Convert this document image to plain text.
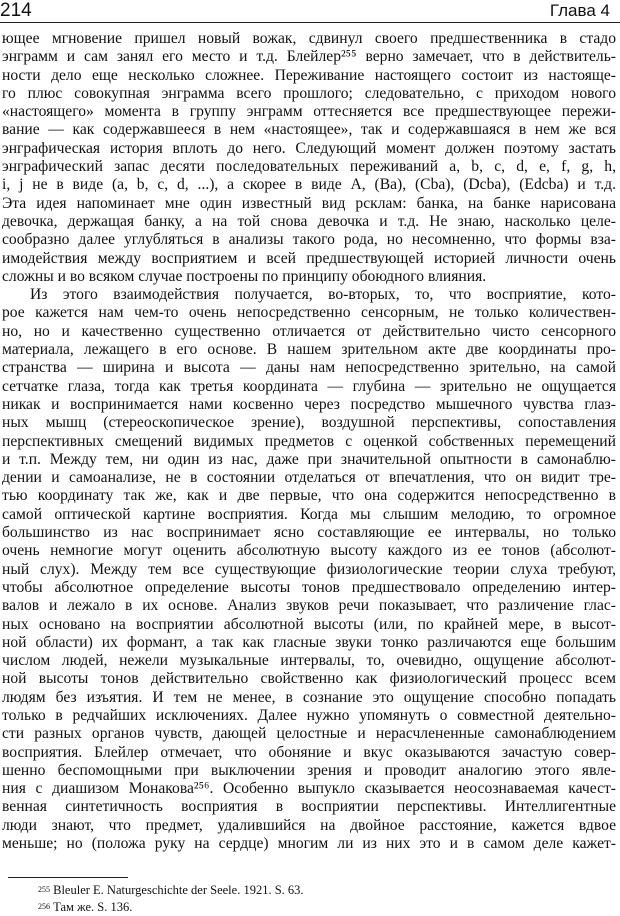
214	Глава 4
ющее мгновение пришел новый вожак, сдвинул своего предшественника в стадо
энграмм и сам занял его место и т.д. Блейлер²⁵⁵ верно замечает, что в действитель-
ности дело еще несколько сложнее. Переживание настоящего состоит из настояще-
го плюс совокупная энграмма всего прошлого; следовательно, с приходом нового
«настоящего» момента в группу энграмм оттесняется все предшествующее пережи-
вание — как содержавшееся в нем «настоящее», так и содержавшаяся в нем же вся
энграфическая история вплоть до него. Следующий момент должен поэтому застать
энграфический запас десяти последовательных переживаний a, b, c, d, e, f, g, h,
i, j не в виде (a, b, c, d, ...), а скорее в виде A, (Ba), (Cba), (Dcba), (Edcba) и т.д.
Эта идея напоминает мне один известный вид рсклам: банка, на банке нарисована
девочка, держащая банку, а на той снова девочка и т.д. Не знаю, насколько целе-
сообразно далее углубляться в анализы такого рода, но несомненно, что формы вза-
имодействия между восприятием и всей предшествующей историей личности очень
сложны и во всяком случае построены по принципу обоюдного влияния.
Из этого взаимодействия получается, во-вторых, то, что восприятие, кото-
рое кажется нам чем-то очень непосредственно сенсорным, не только количествен-
но, но и качественно существенно отличается от действительно чисто сенсорного
материала, лежащего в его основе. В нашем зрительном акте две координаты про-
странства — ширина и высота — даны нам непосредственно зрительно, на самой
сетчатке глаза, тогда как третья координата — глубина — зрительно не ощущается
никак и воспринимается нами косвенно через посредство мышечного чувства глаз-
ных мышц (стереоскопическое зрение), воздушной перспективы, сопоставления
перспективных смещений видимых предметов с оценкой собственных перемещений
и т.п. Между тем, ни один из нас, даже при значительной опытности в самонаблю-
дении и самоанализе, не в состоянии отделаться от впечатления, что он видит тре-
тью координату так же, как и две первые, что она содержится непосредственно в
самой оптической картине восприятия. Когда мы слышим мелодию, то огромное
большинство из нас воспринимает ясно составляющие ее интервалы, но только
очень немногие могут оценить абсолютную высоту каждого из ее тонов (абсолют-
ный слух). Между тем все существующие физиологические теории слуха требуют,
чтобы абсолютное определение высоты тонов предшествовало определению интер-
валов и лежало в их основе. Анализ звуков речи показывает, что различение глас-
ных основано на восприятии абсолютной высоты (или, по крайней мере, в высот-
ной области) их формант, а так как гласные звуки тонко различаются еще большим
числом людей, нежели музыкальные интервалы, то, очевидно, ощущение абсолют-
ной высоты тонов действительно свойственно как физиологический процесс всем
людям без изъятия. И тем не менее, в сознание это ощущение способно попадать
только в редчайших исключениях. Далее нужно упомянуть о совместной деятельно-
сти разных органов чувств, дающей целостные и нерасчлененные самонаблюдением
восприятия. Блейлер отмечает, что обоняние и вкус оказываются зачастую совер-
шенно беспомощными при выключении зрения и проводит аналогию этого явле-
ния с диашизом Монакова²⁵⁶. Особенно выпукло сказывается неосознаваемая качест-
венная синтетичность восприятия в восприятии перспективы. Интеллигентные
люди знают, что предмет, удалившийся на двойное расстояние, кажется вдвое
меньше; но (положа руку на сердце) многим ли из них это и в самом деле кажет-
$^{255}$ Bleuler E. Naturgeschichte der Seele. 1921. S. 63.
$^{256}$ Там же. S. 136.
